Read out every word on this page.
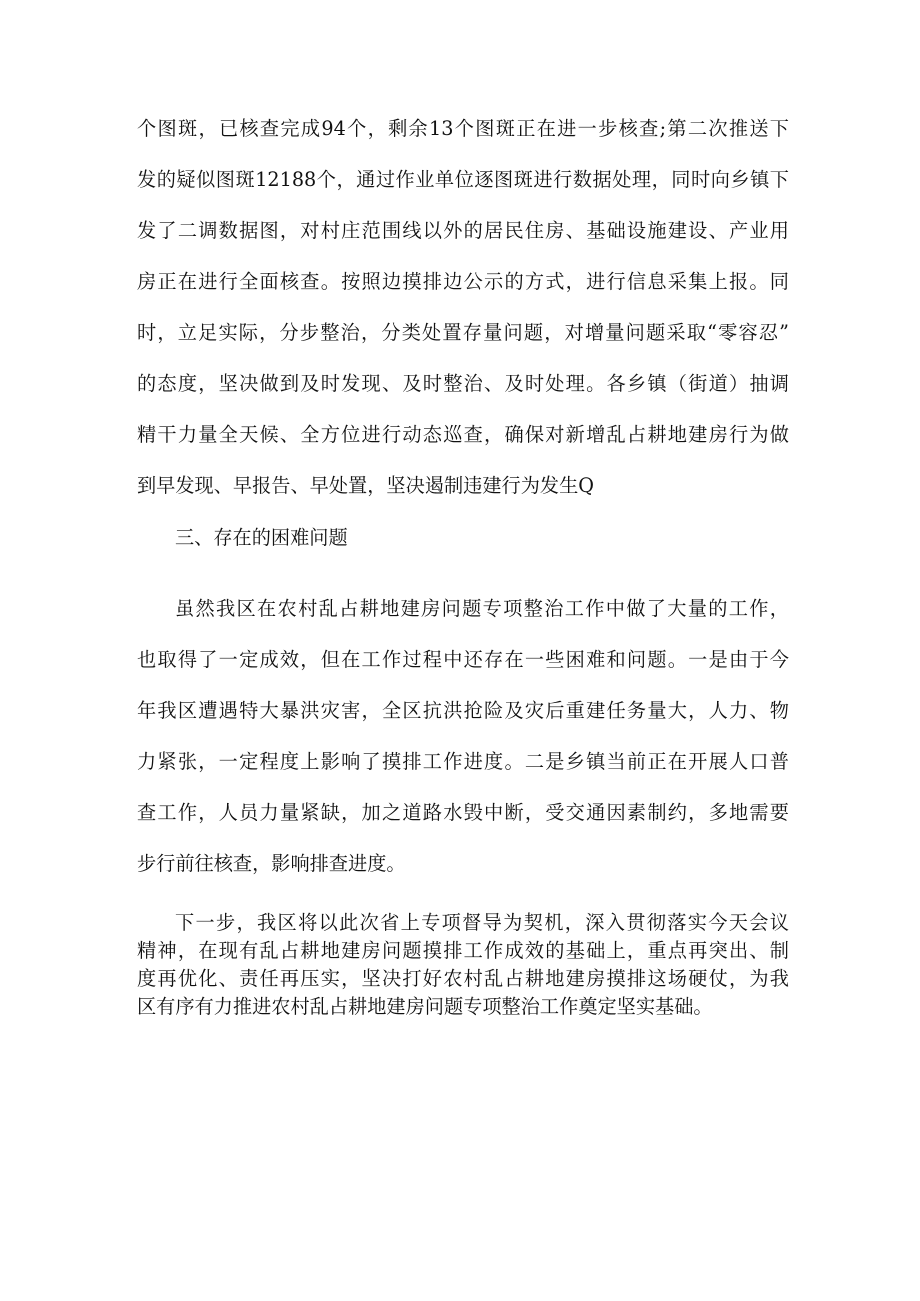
个图斑，已核查完成94个，剩余13个图斑正在进一步核查;第二次推送下

发的疑似图斑12188个，通过作业单位逐图斑进行数据处理，同时向乡镇下

发了二调数据图，对村庄范围线以外的居民住房、基础设施建设、产业用

房正在进行全面核查。按照边摸排边公示的方式，进行信息采集上报。同

时，立足实际，分步整治，分类处置存量问题，对增量问题采取“零容忍”

的态度，坚决做到及时发现、及时整治、及时处理。各乡镇（街道）抽调

精干力量全天候、全方位进行动态巡查，确保对新增乱占耕地建房行为做

到早发现、早报告、早处置，坚决遏制违建行为发生Q

三、存在的困难问题

虽然我区在农村乱占耕地建房问题专项整治工作中做了大量的工作，

也取得了一定成效，但在工作过程中还存在一些困难和问题。一是由于今

年我区遭遇特大暴洪灾害，全区抗洪抢险及灾后重建任务量大，人力、物

力紧张，一定程度上影响了摸排工作进度。二是乡镇当前正在开展人口普

查工作，人员力量紧缺，加之道路水毁中断，受交通因素制约，多地需要

步行前往核查，影响排查进度。

下一步，我区将以此次省上专项督导为契机，深入贯彻落实今天会议

精神，在现有乱占耕地建房问题摸排工作成效的基础上，重点再突出、制

度再优化、责任再压实，坚决打好农村乱占耕地建房摸排这场硬仗，为我

区有序有力推进农村乱占耕地建房问题专项整治工作奠定坚实基础。
